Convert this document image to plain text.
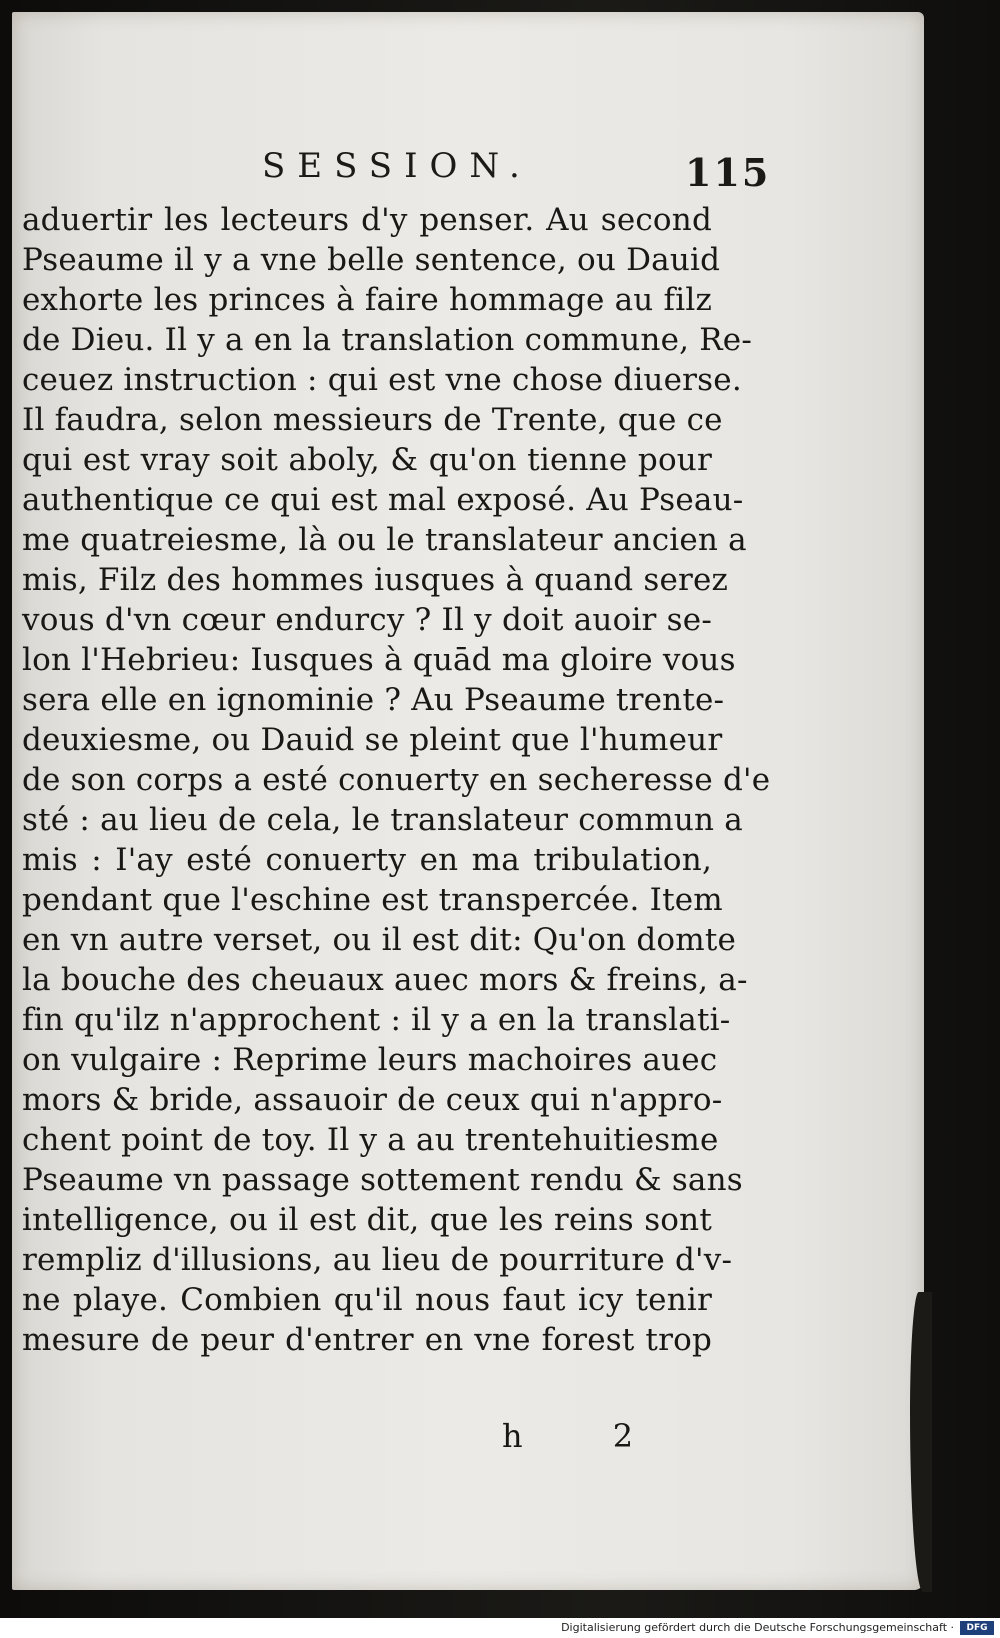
SESSION.	115
aduertir les lecteurs d'y penser. Au second
Pseaume il y a vne belle sentence, ou Dauid
exhorte les princes à faire hommage au filz
de Dieu. Il y a en la translation commune, Re-
ceuez instruction : qui est vne chose diuerse.
Il faudra, selon messieurs de Trente, que ce
qui est vray soit aboly, & qu'on tienne pour
authentique ce qui est mal exposé. Au Pseau-
me quatreiesme, là ou le translateur ancien a
mis, Filz des hommes iusques à quand serez
vous d'vn cœur endurcy ? Il y doit auoir se-
lon l'Hebrieu: Iusques à quād ma gloire vous
sera elle en ignominie ? Au Pseaume trente-
deuxiesme, ou Dauid se pleint que l'humeur
de son corps a esté conuerty en secheresse d'e
sté : au lieu de cela, le translateur commun a
mis : I'ay esté conuerty en ma tribulation,
pendant que l'eschine est transpercée. Item
en vn autre verset, ou il est dit: Qu'on domte
la bouche des cheuaux auec mors & freins, a-
fin qu'ilz n'approchent : il y a en la translati-
on vulgaire : Reprime leurs machoires auec
mors & bride, assauoir de ceux qui n'appro-
chent point de toy. Il y a au trentehuitiesme
Pseaume vn passage sottement rendu & sans
intelligence, ou il est dit, que les reins sont
rempliz d'illusions, au lieu de pourriture d'v-
ne playe. Combien qu'il nous faut icy tenir
mesure de peur d'entrer en vne forest trop
h 2
Digitalisierung gefördert durch die Deutsche Forschungsgemeinschaft ·	DFG
